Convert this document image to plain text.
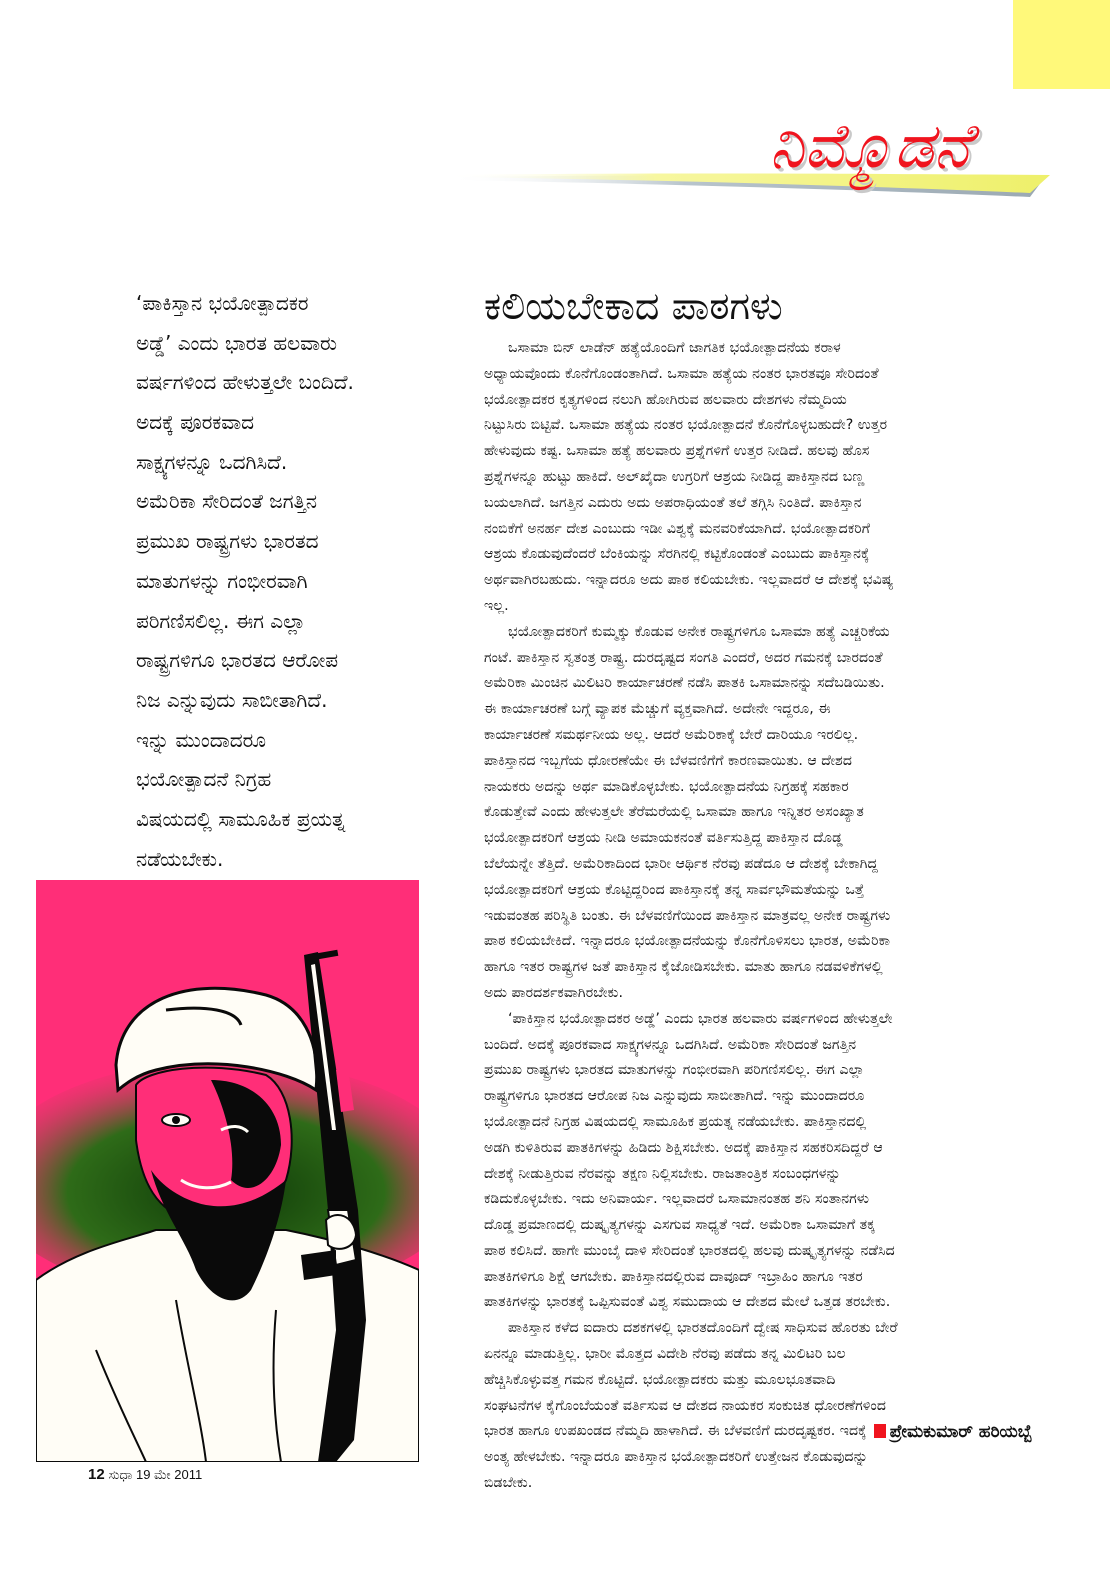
ನಿಮ್ಮೊಡನೆ
‘ಪಾಕಿಸ್ತಾನ ಭಯೋತ್ಪಾದಕರ
ಅಡ್ಡೆ’ ಎಂದು ಭಾರತ ಹಲವಾರು
ವರ್ಷಗಳಿಂದ ಹೇಳುತ್ತಲೇ ಬಂದಿದೆ.
ಅದಕ್ಕೆ ಪೂರಕವಾದ
ಸಾಕ್ಷ್ಯಗಳನ್ನೂ ಒದಗಿಸಿದೆ.
ಅಮೆರಿಕಾ ಸೇರಿದಂತೆ ಜಗತ್ತಿನ
ಪ್ರಮುಖ ರಾಷ್ಟ್ರಗಳು ಭಾರತದ
ಮಾತುಗಳನ್ನು ಗಂಭೀರವಾಗಿ
ಪರಿಗಣಿಸಲಿಲ್ಲ. ಈಗ ಎಲ್ಲಾ
ರಾಷ್ಟ್ರಗಳಿಗೂ ಭಾರತದ ಆರೋಪ
ನಿಜ ಎನ್ನುವುದು ಸಾಬೀತಾಗಿದೆ.
ಇನ್ನು ಮುಂದಾದರೂ
ಭಯೋತ್ಪಾದನೆ ನಿಗ್ರಹ
ವಿಷಯದಲ್ಲಿ ಸಾಮೂಹಿಕ ಪ್ರಯತ್ನ
ನಡೆಯಬೇಕು.
12 ಸುಧಾ 19 ಮೇ 2011
ಕಲಿಯಬೇಕಾದ ಪಾಠಗಳು
ಒಸಾಮಾ ಬಿನ್ ಲಾಡೆನ್ ಹತ್ಯೆಯೊಂದಿಗೆ ಜಾಗತಿಕ ಭಯೋತ್ಪಾದನೆಯ ಕರಾಳ
ಅಧ್ಯಾಯವೊಂದು ಕೊನೆಗೊಂಡಂತಾಗಿದೆ. ಒಸಾಮಾ ಹತ್ಯೆಯ ನಂತರ ಭಾರತವೂ ಸೇರಿದಂತೆ
ಭಯೋತ್ಪಾದಕರ ಕೃತ್ಯಗಳಿಂದ ನಲುಗಿ ಹೋಗಿರುವ ಹಲವಾರು ದೇಶಗಳು ನೆಮ್ಮದಿಯ
ನಿಟ್ಟುಸಿರು ಬಿಟ್ಟಿವೆ. ಒಸಾಮಾ ಹತ್ಯೆಯ ನಂತರ ಭಯೋತ್ಪಾದನೆ ಕೊನೆಗೊಳ್ಳಬಹುದೇ? ಉತ್ತರ
ಹೇಳುವುದು ಕಷ್ಟ. ಒಸಾಮಾ ಹತ್ಯೆ ಹಲವಾರು ಪ್ರಶ್ನೆಗಳಿಗೆ ಉತ್ತರ ನೀಡಿದೆ. ಹಲವು ಹೊಸ
ಪ್ರಶ್ನೆಗಳನ್ನೂ ಹುಟ್ಟು ಹಾಕಿದೆ. ಅಲ್‌ಖೈದಾ ಉಗ್ರರಿಗೆ ಆಶ್ರಯ ನೀಡಿದ್ದ ಪಾಕಿಸ್ತಾನದ ಬಣ್ಣ
ಬಯಲಾಗಿದೆ. ಜಗತ್ತಿನ ಎದುರು ಅದು ಅಪರಾಧಿಯಂತೆ ತಲೆ ತಗ್ಗಿಸಿ ನಿಂತಿದೆ. ಪಾಕಿಸ್ತಾನ
ನಂಬಿಕೆಗೆ ಅನರ್ಹ ದೇಶ ಎಂಬುದು ಇಡೀ ವಿಶ್ವಕ್ಕೆ ಮನವರಿಕೆಯಾಗಿದೆ. ಭಯೋತ್ಪಾದಕರಿಗೆ
ಆಶ್ರಯ ಕೊಡುವುದೆಂದರೆ ಬೆಂಕಿಯನ್ನು ಸೆರಗಿನಲ್ಲಿ ಕಟ್ಟಿಕೊಂಡಂತೆ ಎಂಬುದು ಪಾಕಿಸ್ತಾನಕ್ಕೆ
ಅರ್ಥವಾಗಿರಬಹುದು. ಇನ್ನಾದರೂ ಅದು ಪಾಠ ಕಲಿಯಬೇಕು. ಇಲ್ಲವಾದರೆ ಆ ದೇಶಕ್ಕೆ ಭವಿಷ್ಯ
ಇಲ್ಲ.
ಭಯೋತ್ಪಾದಕರಿಗೆ ಕುಮ್ಮಕ್ಕು ಕೊಡುವ ಅನೇಕ ರಾಷ್ಟ್ರಗಳಿಗೂ ಒಸಾಮಾ ಹತ್ಯೆ ಎಚ್ಚರಿಕೆಯ
ಗಂಟೆ. ಪಾಕಿಸ್ತಾನ ಸ್ವತಂತ್ರ ರಾಷ್ಟ್ರ. ದುರದೃಷ್ಟದ ಸಂಗತಿ ಎಂದರೆ, ಅದರ ಗಮನಕ್ಕೆ ಬಾರದಂತೆ
ಅಮೆರಿಕಾ ಮಿಂಚಿನ ಮಿಲಿಟರಿ ಕಾರ್ಯಾಚರಣೆ ನಡೆಸಿ ಪಾತಕಿ ಒಸಾಮಾನನ್ನು ಸದೆಬಡಿಯಿತು.
ಈ ಕಾರ್ಯಾಚರಣೆ ಬಗ್ಗೆ ವ್ಯಾಪಕ ಮೆಚ್ಚುಗೆ ವ್ಯಕ್ತವಾಗಿದೆ. ಅದೇನೇ ಇದ್ದರೂ, ಈ
ಕಾರ್ಯಾಚರಣೆ ಸಮರ್ಥನೀಯ ಅಲ್ಲ. ಆದರೆ ಅಮೆರಿಕಾಕ್ಕೆ ಬೇರೆ ದಾರಿಯೂ ಇರಲಿಲ್ಲ.
ಪಾಕಿಸ್ತಾನದ ಇಬ್ಬಗೆಯ ಧೋರಣೆಯೇ ಈ ಬೆಳವಣಿಗೆಗೆ ಕಾರಣವಾಯಿತು. ಆ ದೇಶದ
ನಾಯಕರು ಅದನ್ನು ಅರ್ಥ ಮಾಡಿಕೊಳ್ಳಬೇಕು. ಭಯೋತ್ಪಾದನೆಯ ನಿಗ್ರಹಕ್ಕೆ ಸಹಕಾರ
ಕೊಡುತ್ತೇವೆ ಎಂದು ಹೇಳುತ್ತಲೇ ತೆರೆಮರೆಯಲ್ಲಿ ಒಸಾಮಾ ಹಾಗೂ ಇನ್ನಿತರ ಅಸಂಖ್ಯಾತ
ಭಯೋತ್ಪಾದಕರಿಗೆ ಆಶ್ರಯ ನೀಡಿ ಅಮಾಯಕನಂತೆ ವರ್ತಿಸುತ್ತಿದ್ದ ಪಾಕಿಸ್ತಾನ ದೊಡ್ಡ
ಬೆಲೆಯನ್ನೇ ತೆತ್ತಿದೆ. ಅಮೆರಿಕಾದಿಂದ ಭಾರೀ ಆರ್ಥಿಕ ನೆರವು ಪಡೆದೂ ಆ ದೇಶಕ್ಕೆ ಬೇಕಾಗಿದ್ದ
ಭಯೋತ್ಪಾದಕರಿಗೆ ಆಶ್ರಯ ಕೊಟ್ಟಿದ್ದರಿಂದ ಪಾಕಿಸ್ತಾನಕ್ಕೆ ತನ್ನ ಸಾರ್ವಭೌಮತೆಯನ್ನು ಒತ್ತೆ
ಇಡುವಂತಹ ಪರಿಸ್ಥಿತಿ ಬಂತು. ಈ ಬೆಳವಣಿಗೆಯಿಂದ ಪಾಕಿಸ್ತಾನ ಮಾತ್ರವಲ್ಲ ಅನೇಕ ರಾಷ್ಟ್ರಗಳು
ಪಾಠ ಕಲಿಯಬೇಕಿದೆ. ಇನ್ನಾದರೂ ಭಯೋತ್ಪಾದನೆಯನ್ನು ಕೊನೆಗೊಳಿಸಲು ಭಾರತ, ಅಮೆರಿಕಾ
ಹಾಗೂ ಇತರ ರಾಷ್ಟ್ರಗಳ ಜತೆ ಪಾಕಿಸ್ತಾನ ಕೈಜೋಡಿಸಬೇಕು. ಮಾತು ಹಾಗೂ ನಡವಳಿಕೆಗಳಲ್ಲಿ
ಅದು ಪಾರದರ್ಶಕವಾಗಿರಬೇಕು.
‘ಪಾಕಿಸ್ತಾನ ಭಯೋತ್ಪಾದಕರ ಅಡ್ಡೆ’ ಎಂದು ಭಾರತ ಹಲವಾರು ವರ್ಷಗಳಿಂದ ಹೇಳುತ್ತಲೇ
ಬಂದಿದೆ. ಅದಕ್ಕೆ ಪೂರಕವಾದ ಸಾಕ್ಷ್ಯಗಳನ್ನೂ ಒದಗಿಸಿದೆ. ಅಮೆರಿಕಾ ಸೇರಿದಂತೆ ಜಗತ್ತಿನ
ಪ್ರಮುಖ ರಾಷ್ಟ್ರಗಳು ಭಾರತದ ಮಾತುಗಳನ್ನು ಗಂಭೀರವಾಗಿ ಪರಿಗಣಿಸಲಿಲ್ಲ. ಈಗ ಎಲ್ಲಾ
ರಾಷ್ಟ್ರಗಳಿಗೂ ಭಾರತದ ಆರೋಪ ನಿಜ ಎನ್ನುವುದು ಸಾಬೀತಾಗಿದೆ. ಇನ್ನು ಮುಂದಾದರೂ
ಭಯೋತ್ಪಾದನೆ ನಿಗ್ರಹ ವಿಷಯದಲ್ಲಿ ಸಾಮೂಹಿಕ ಪ್ರಯತ್ನ ನಡೆಯಬೇಕು. ಪಾಕಿಸ್ತಾನದಲ್ಲಿ
ಅಡಗಿ ಕುಳಿತಿರುವ ಪಾತಕಿಗಳನ್ನು ಹಿಡಿದು ಶಿಕ್ಷಿಸಬೇಕು. ಅದಕ್ಕೆ ಪಾಕಿಸ್ತಾನ ಸಹಕರಿಸದಿದ್ದರೆ ಆ
ದೇಶಕ್ಕೆ ನೀಡುತ್ತಿರುವ ನೆರವನ್ನು ತಕ್ಷಣ ನಿಲ್ಲಿಸಬೇಕು. ರಾಜತಾಂತ್ರಿಕ ಸಂಬಂಧಗಳನ್ನು
ಕಡಿದುಕೊಳ್ಳಬೇಕು. ಇದು ಅನಿವಾರ್ಯ. ಇಲ್ಲವಾದರೆ ಒಸಾಮಾನಂತಹ ಶನಿ ಸಂತಾನಗಳು
ದೊಡ್ಡ ಪ್ರಮಾಣದಲ್ಲಿ ದುಷ್ಕೃತ್ಯಗಳನ್ನು ಎಸಗುವ ಸಾಧ್ಯತೆ ಇದೆ. ಅಮೆರಿಕಾ ಒಸಾಮಾಗೆ ತಕ್ಕ
ಪಾಠ ಕಲಿಸಿದೆ. ಹಾಗೇ ಮುಂಬೈ ದಾಳಿ ಸೇರಿದಂತೆ ಭಾರತದಲ್ಲಿ ಹಲವು ದುಷ್ಕೃತ್ಯಗಳನ್ನು ನಡೆಸಿದ
ಪಾತಕಿಗಳಿಗೂ ಶಿಕ್ಷೆ ಆಗಬೇಕು. ಪಾಕಿಸ್ತಾನದಲ್ಲಿರುವ ದಾವೂದ್ ಇಬ್ರಾಹಿಂ ಹಾಗೂ ಇತರ
ಪಾತಕಿಗಳನ್ನು ಭಾರತಕ್ಕೆ ಒಪ್ಪಿಸುವಂತೆ ವಿಶ್ವ ಸಮುದಾಯ ಆ ದೇಶದ ಮೇಲೆ ಒತ್ತಡ ತರಬೇಕು.
ಪಾಕಿಸ್ತಾನ ಕಳೆದ ಐದಾರು ದಶಕಗಳಲ್ಲಿ ಭಾರತದೊಂದಿಗೆ ದ್ವೇಷ ಸಾಧಿಸುವ ಹೊರತು ಬೇರೆ
ಏನನ್ನೂ ಮಾಡುತ್ತಿಲ್ಲ. ಭಾರೀ ಮೊತ್ತದ ವಿದೇಶಿ ನೆರವು ಪಡೆದು ತನ್ನ ಮಿಲಿಟರಿ ಬಲ
ಹೆಚ್ಚಿಸಿಕೊಳ್ಳುವತ್ತ ಗಮನ ಕೊಟ್ಟಿದೆ. ಭಯೋತ್ಪಾದಕರು ಮತ್ತು ಮೂಲಭೂತವಾದಿ
ಸಂಘಟನೆಗಳ ಕೈಗೊಂಬೆಯಂತೆ ವರ್ತಿಸುವ ಆ ದೇಶದ ನಾಯಕರ ಸಂಕುಚಿತ ಧೋರಣೆಗಳಿಂದ
ಭಾರತ ಹಾಗೂ ಉಪಖಂಡದ ನೆಮ್ಮದಿ ಹಾಳಾಗಿದೆ. ಈ ಬೆಳವಣಿಗೆ ದುರದೃಷ್ಟಕರ. ಇದಕ್ಕೆ
ಅಂತ್ಯ ಹೇಳಬೇಕು. ಇನ್ನಾದರೂ ಪಾಕಿಸ್ತಾನ ಭಯೋತ್ಪಾದಕರಿಗೆ ಉತ್ತೇಜನ ಕೊಡುವುದನ್ನು
ಬಿಡಬೇಕು.
ಪ್ರೇಮಕುಮಾರ್ ಹರಿಯಬ್ಬೆ
